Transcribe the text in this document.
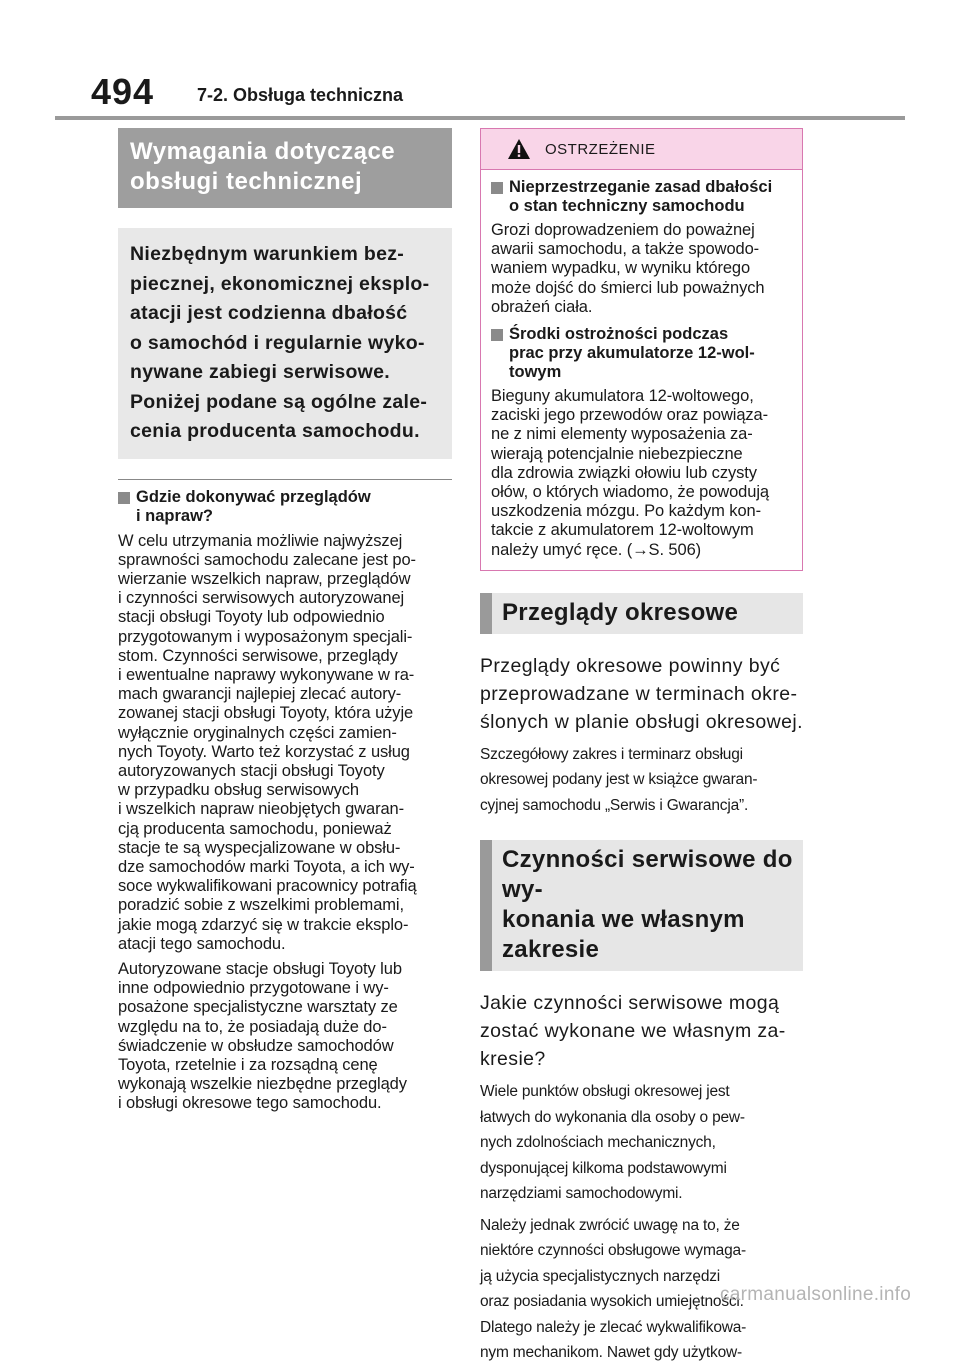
494 7-2. Obsługa techniczna
Wymagania dotyczące
obsługi technicznej
Niezbędnym warunkiem bez-
piecznej, ekonomicznej eksplo-
atacji jest codzienna dbałość
o samochód i regularnie wyko-
nywane zabiegi serwisowe.
Poniżej podane są ogólne zale-
cenia producenta samochodu.
Gdzie dokonywać przeglądów
i napraw?
W celu utrzymania możliwie najwyższej
sprawności samochodu zalecane jest po-
wierzanie wszelkich napraw, przeglądów
i czynności serwisowych autoryzowanej
stacji obsługi Toyoty lub odpowiednio
przygotowanym i wyposażonym specjali-
stom. Czynności serwisowe, przeglądy
i ewentualne naprawy wykonywane w ra-
mach gwarancji najlepiej zlecać autory-
zowanej stacji obsługi Toyoty, która użyje
wyłącznie oryginalnych części zamien-
nych Toyoty. Warto też korzystać z usług
autoryzowanych stacji obsługi Toyoty
w przypadku obsług serwisowych
i wszelkich napraw nieobjętych gwaran-
cją producenta samochodu, ponieważ
stacje te są wyspecjalizowane w obsłu-
dze samochodów marki Toyota, a ich wy-
soce wykwalifikowani pracownicy potrafią
poradzić sobie z wszelkimi problemami,
jakie mogą zdarzyć się w trakcie eksplo-
atacji tego samochodu.
Autoryzowane stacje obsługi Toyoty lub
inne odpowiednio przygotowane i wy-
posażone specjalistyczne warsztaty ze
względu na to, że posiadają duże do-
świadczenie w obsłudze samochodów
Toyota, rzetelnie i za rozsądną cenę
wykonają wszelkie niezbędne przeglądy
i obsługi okresowe tego samochodu.
OSTRZEŻENIE
Nieprzestrzeganie zasad dbałości
o stan techniczny samochodu
Grozi doprowadzeniem do poważnej
awarii samochodu, a także spowodo-
waniem wypadku, w wyniku którego
może dojść do śmierci lub poważnych
obrażeń ciała.
Środki ostrożności podczas
prac przy akumulatorze 12-wol-
towym
Bieguny akumulatora 12-woltowego,
zaciski jego przewodów oraz powiąza-
ne z nimi elementy wyposażenia za-
wierają potencjalnie niebezpieczne
dla zdrowia związki ołowiu lub czysty
ołów, o których wiadomo, że powodują
uszkodzenia mózgu. Po każdym kon-
takcie z akumulatorem 12-woltowym
należy umyć ręce. (→S. 506)
Przeglądy okresowe
Przeglądy okresowe powinny być
przeprowadzane w terminach okre-
ślonych w planie obsługi okresowej.
Szczegółowy zakres i terminarz obsługi
okresowej podany jest w książce gwaran-
cyjnej samochodu „Serwis i Gwarancja”.
Czynności serwisowe do wy-
konania we własnym zakresie
Jakie czynności serwisowe mogą
zostać wykonane we własnym za-
kresie?
Wiele punktów obsługi okresowej jest
łatwych do wykonania dla osoby o pew-
nych zdolnościach mechanicznych,
dysponującej kilkoma podstawowymi
narzędziami samochodowymi.
Należy jednak zwrócić uwagę na to, że
niektóre czynności obsługowe wymaga-
ją użycia specjalistycznych narzędzi
oraz posiadania wysokich umiejętności.
Dlatego należy je zlecać wykwalifikowa-
nym mechanikom. Nawet gdy użytkow-
carmanualsonline.info
